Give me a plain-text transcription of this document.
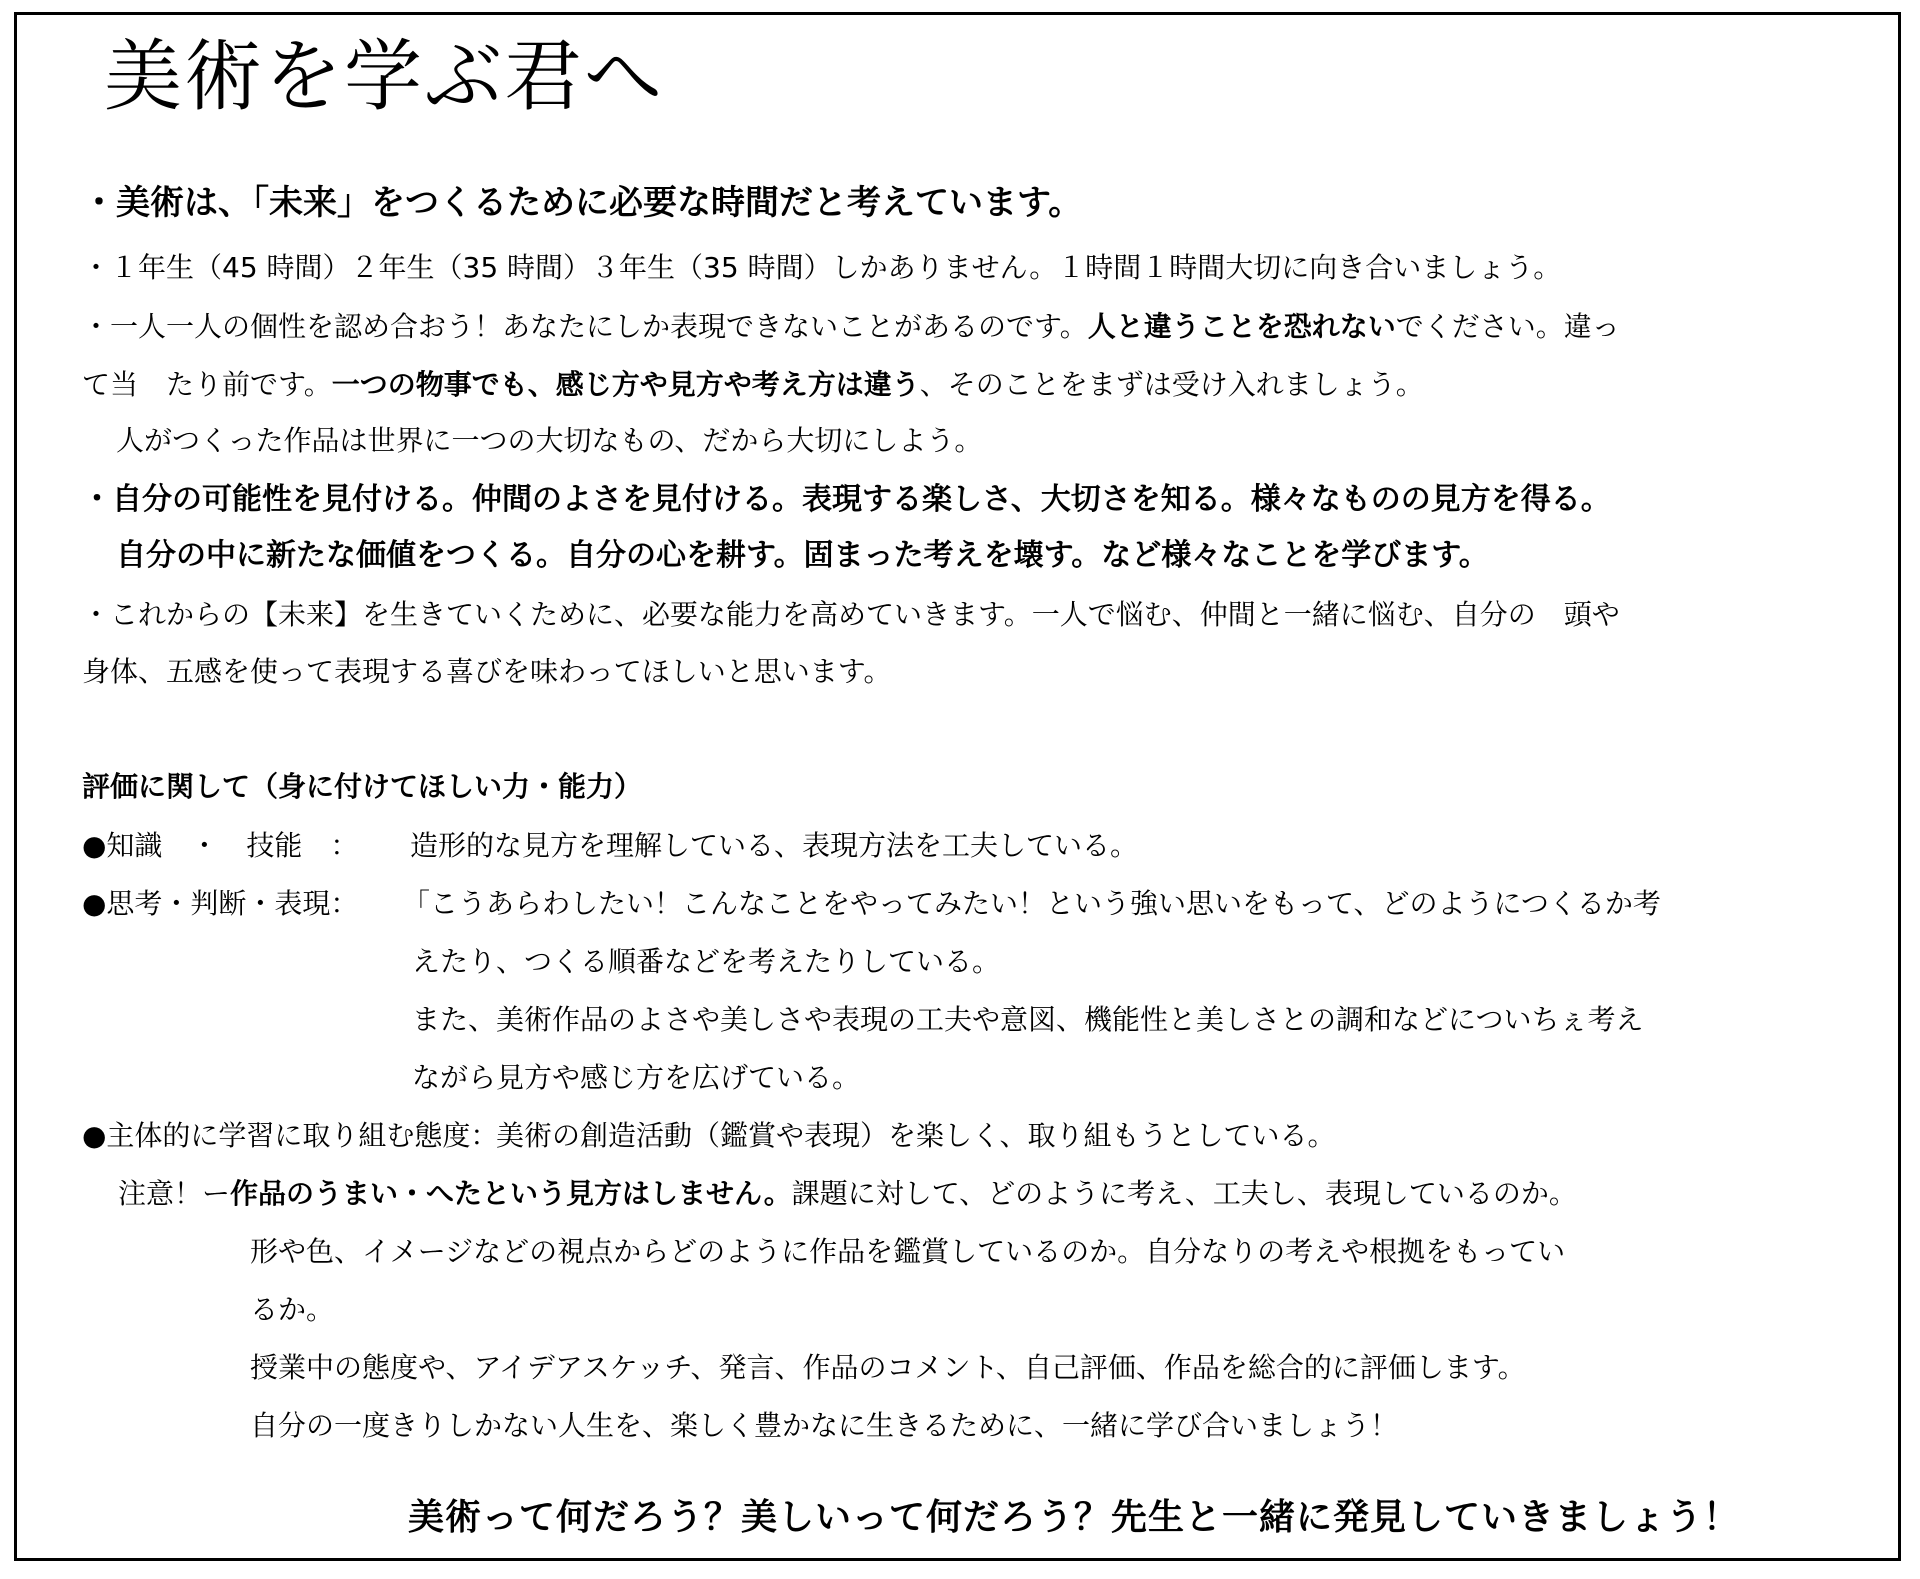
美術を学ぶ君へ
・美術は、「未来」をつくるために必要な時間だと考えています。
・１年生（45 時間）２年生（35 時間）３年生（35 時間）しかありません。１時間１時間大切に向き合いましょう。
・一人一人の個性を認め合おう！あなたにしか表現できないことがあるのです。人と違うことを恐れないでください。違っ
て当　たり前です。一つの物事でも、感じ方や見方や考え方は違う、そのことをまずは受け入れましょう。
人がつくった作品は世界に一つの大切なもの、だから大切にしよう。
・自分の可能性を見付ける。仲間のよさを見付ける。表現する楽しさ、大切さを知る。様々なものの見方を得る。
自分の中に新たな価値をつくる。自分の心を耕す。固まった考えを壊す。など様々なことを学びます。
・これからの【未来】を生きていくために、必要な能力を高めていきます。一人で悩む、仲間と一緒に悩む、自分の　頭や
身体、五感を使って表現する喜びを味わってほしいと思います。
評価に関して（身に付けてほしい力・能力）
●知識　・　技能　： 造形的な見方を理解している、表現方法を工夫している。
●思考・判断・表現： 「こうあらわしたい！こんなことをやってみたい！という強い思いをもって、どのようにつくるか考
えたり、つくる順番などを考えたりしている。
また、美術作品のよさや美しさや表現の工夫や意図、機能性と美しさとの調和などについちぇ考え
ながら見方や感じ方を広げている。
●主体的に学習に取り組む態度：
美術の創造活動（鑑賞や表現）を楽しく、取り組もうとしている。
注意！ー作品のうまい・へたという見方はしません。課題に対して、どのように考え、工夫し、表現しているのか。
形や色、イメージなどの視点からどのように作品を鑑賞しているのか。自分なりの考えや根拠をもってい
るか。
授業中の態度や、アイデアスケッチ、発言、作品のコメント、自己評価、作品を総合的に評価します。
自分の一度きりしかない人生を、楽しく豊かなに生きるために、一緒に学び合いましょう！
美術って何だろう？美しいって何だろう？先生と一緒に発見していきましょう！
